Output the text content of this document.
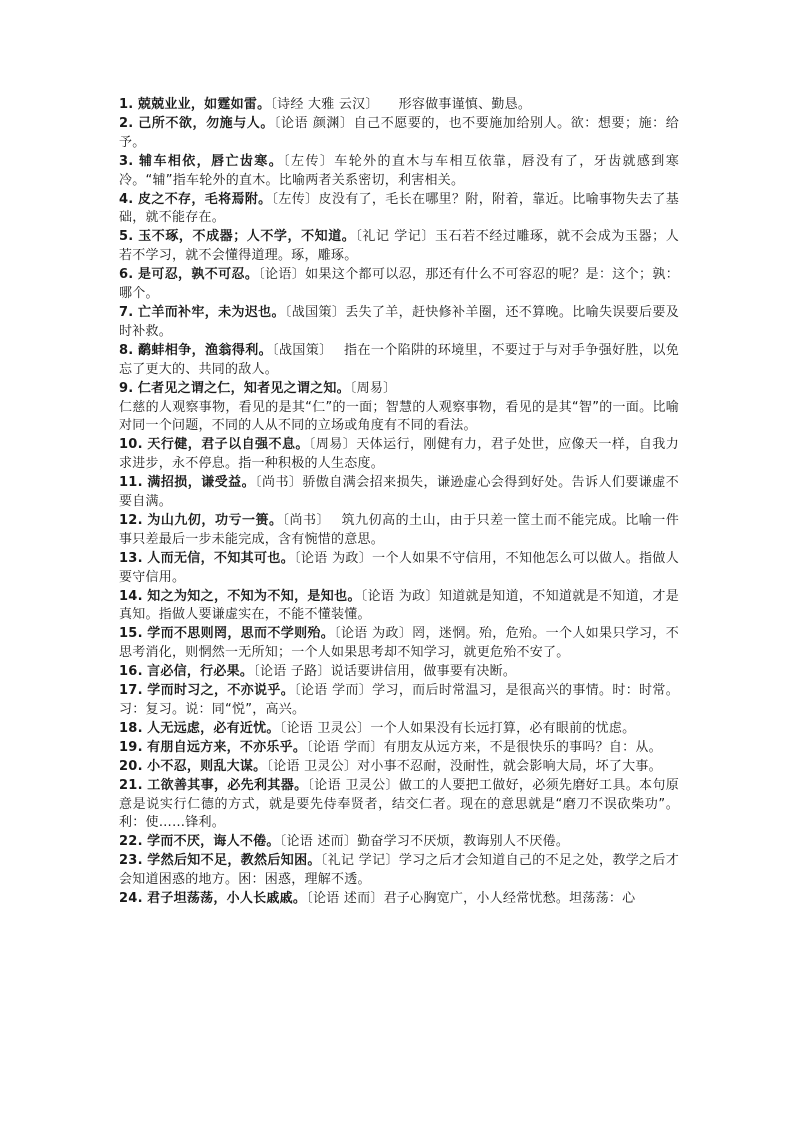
1. 兢兢业业，如霆如雷。〔诗经 大雅 云汉〕　　形容做事谨慎、勤恳。

2. 己所不欲，勿施与人。〔论语 颜渊〕自己不愿要的，也不要施加给别人。欲：想要；施：给予。

3. 辅车相依，唇亡齿寒。〔左传〕车轮外的直木与车相互依靠，唇没有了，牙齿就感到寒冷。“辅”指车轮外的直木。比喻两者关系密切，利害相关。

4. 皮之不存，毛将焉附。〔左传〕皮没有了，毛长在哪里？附，附着，靠近。比喻事物失去了基础，就不能存在。

5. 玉不琢，不成器；人不学，不知道。〔礼记 学记〕玉石若不经过雕琢，就不会成为玉器；人若不学习，就不会懂得道理。琢，雕琢。

6. 是可忍，孰不可忍。〔论语〕如果这个都可以忍，那还有什么不可容忍的呢？是：这个；孰：哪个。

7. 亡羊而补牢，未为迟也。〔战国策〕丢失了羊，赶快修补羊圈，还不算晚。比喻失误要后要及时补救。

8. 鹬蚌相争，渔翁得利。〔战国策〕　 指在一个陷阱的环境里，不要过于与对手争强好胜，以免忘了更大的、共同的敌人。

9. 仁者见之谓之仁，知者见之谓之知。〔周易〕
仁慈的人观察事物，看见的是其“仁”的一面；智慧的人观察事物，看见的是其“智”的一面。比喻对同一个问题，不同的人从不同的立场或角度有不同的看法。

10. 天行健，君子以自强不息。〔周易〕天体运行，刚健有力，君子处世，应像天一样，自我力求进步，永不停息。指一种积极的人生态度。

11. 满招损，谦受益。〔尚书〕骄傲自满会招来损失，谦逊虚心会得到好处。告诉人们要谦虚不要自满。

12. 为山九仞，功亏一篑。〔尚书〕　 筑九仞高的土山，由于只差一筐土而不能完成。比喻一件事只差最后一步未能完成，含有惋惜的意思。

13. 人而无信，不知其可也。〔论语 为政〕一个人如果不守信用，不知他怎么可以做人。指做人要守信用。

14. 知之为知之，不知为不知，是知也。〔论语 为政〕知道就是知道，不知道就是不知道，才是真知。指做人要谦虚实在，不能不懂装懂。

15. 学而不思则罔，思而不学则殆。〔论语 为政〕罔，迷惘。殆，危殆。一个人如果只学习，不思考消化，则惘然一无所知；一个人如果思考却不知学习，就更危殆不安了。

16. 言必信，行必果。〔论语 子路〕说话要讲信用，做事要有决断。

17. 学而时习之，不亦说乎。〔论语 学而〕学习，而后时常温习，是很高兴的事情。时：时常。习：复习。说：同“悦”，高兴。

18. 人无远虑，必有近忧。〔论语 卫灵公〕一个人如果没有长远打算，必有眼前的忧虑。

19. 有朋自远方来，不亦乐乎。〔论语 学而〕有朋友从远方来，不是很快乐的事吗？自：从。

20. 小不忍，则乱大谋。〔论语 卫灵公〕对小事不忍耐，没耐性，就会影响大局，坏了大事。

21. 工欲善其事，必先利其器。〔论语 卫灵公〕做工的人要把工做好，必须先磨好工具。本句原意是说实行仁德的方式，就是要先侍奉贤者，结交仁者。现在的意思就是“磨刀不误砍柴功”。利：使……锋利。

22. 学而不厌，诲人不倦。〔论语 述而〕勤奋学习不厌烦，教诲别人不厌倦。

23. 学然后知不足，教然后知困。〔礼记 学记〕学习之后才会知道自己的不足之处，教学之后才会知道困惑的地方。困：困惑，理解不透。

24. 君子坦荡荡，小人长戚戚。〔论语 述而〕君子心胸宽广，小人经常忧愁。坦荡荡：心
